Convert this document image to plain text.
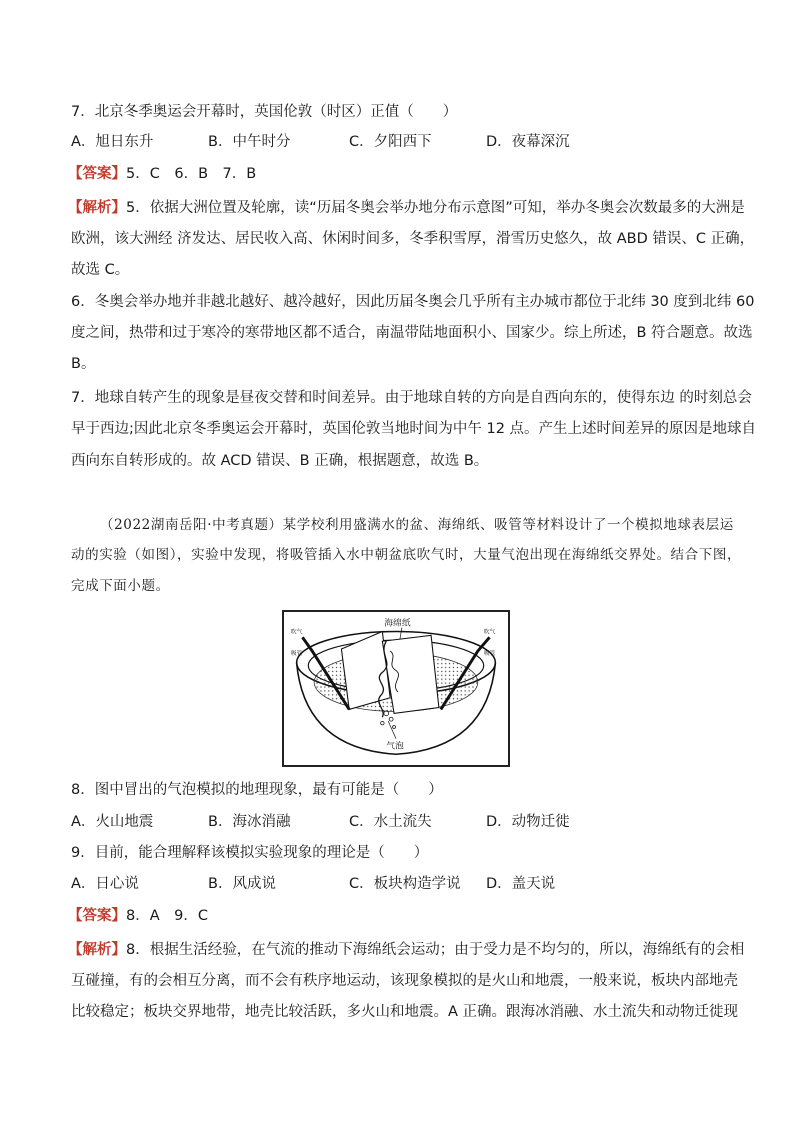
7．北京冬季奥运会开幕时，英国伦敦（时区）正值（　　）
A．旭日东升	B．中午时分	C．夕阳西下	D．夜幕深沉
【答案】5．C　6．B　7．B
【解析】5．依据大洲位置及轮廓，读“历届冬奥会举办地分布示意图”可知，举办冬奥会次数最多的大洲是
欧洲，该大洲经 济发达、居民收入高、休闲时间多，冬季积雪厚，滑雪历史悠久，故 ABD 错误、C 正确，
故选 C。
6．冬奥会举办地并非越北越好、越冷越好，因此历届冬奥会几乎所有主办城市都位于北纬 30 度到北纬 60
度之间，热带和过于寒冷的寒带地区都不适合，南温带陆地面积小、国家少。综上所述，B 符合题意。故选
B。
7．地球自转产生的现象是昼夜交替和时间差异。由于地球自转的方向是自西向东的，使得东边 的时刻总会
早于西边;因此北京冬季奥运会开幕时，英国伦敦当地时间为中午 12 点。产生上述时间差异的原因是地球自
西向东自转形成的。故 ACD 错误、B 正确，根据题意，故选 B。
（2022湖南岳阳·中考真题）某学校利用盛满水的盆、海绵纸、吸管等材料设计了一个模拟地球表层运
动的实验（如图），实验中发现，将吸管插入水中朝盆底吹气时，大量气泡出现在海绵纸交界处。结合下图，
完成下面小题。
海绵纸
气泡
吹气
吸管
吹气
吸管
8．图中冒出的气泡模拟的地理现象，最有可能是（　　）
A．火山地震	B．海冰消融	C．水土流失	D．动物迁徙
9．目前，能合理解释该模拟实验现象的理论是（　　）
A．日心说	B．风成说	C．板块构造学说 D．盖天说
【答案】8．A　9．C
【解析】8．根据生活经验，在气流的推动下海绵纸会运动；由于受力是不均匀的，所以，海绵纸有的会相
互碰撞，有的会相互分离，而不会有秩序地运动，该现象模拟的是火山和地震，一般来说，板块内部地壳
比较稳定；板块交界地带，地壳比较活跃，多火山和地震。A 正确。跟海冰消融、水土流失和动物迁徙现
